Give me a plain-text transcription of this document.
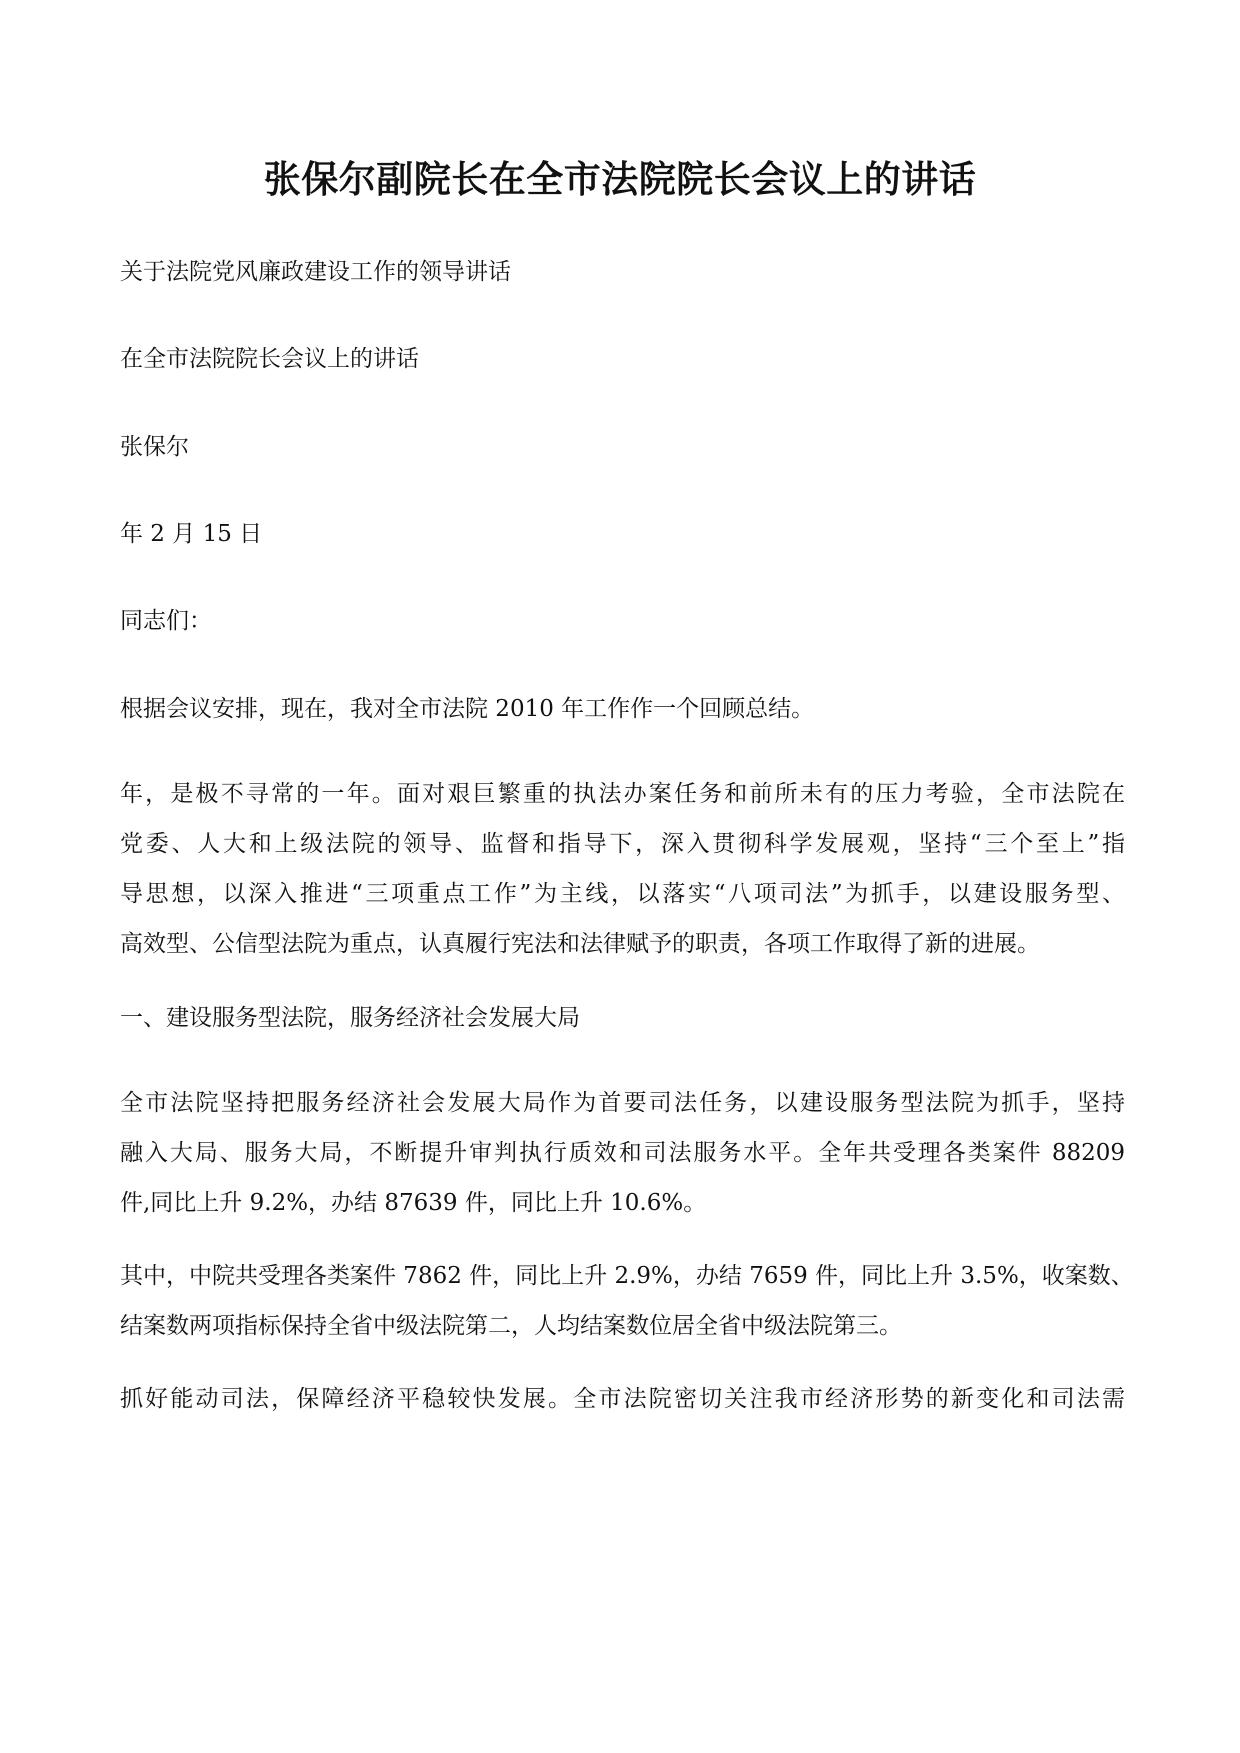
张保尔副院长在全市法院院长会议上的讲话
关于法院党风廉政建设工作的领导讲话
在全市法院院长会议上的讲话
张保尔
年 2 月 15 日
同志们：
根据会议安排，现在，我对全市法院 2010 年工作作一个回顾总结。
年，是极不寻常的一年。面对艰巨繁重的执法办案任务和前所未有的压力考验，全市法院在
党委、人大和上级法院的领导、监督和指导下，深入贯彻科学发展观，坚持“三个至上”指
导思想，以深入推进“三项重点工作”为主线，以落实“八项司法”为抓手，以建设服务型、
高效型、公信型法院为重点，认真履行宪法和法律赋予的职责，各项工作取得了新的进展。
一、建设服务型法院，服务经济社会发展大局
全市法院坚持把服务经济社会发展大局作为首要司法任务，以建设服务型法院为抓手，坚持
融入大局、服务大局，不断提升审判执行质效和司法服务水平。全年共受理各类案件 88209
件,同比上升 9.2%，办结 87639 件，同比上升 10.6%。
其中，中院共受理各类案件 7862 件，同比上升 2.9%，办结 7659 件，同比上升 3.5%，收案数、
结案数两项指标保持全省中级法院第二，人均结案数位居全省中级法院第三。
抓好能动司法，保障经济平稳较快发展。全市法院密切关注我市经济形势的新变化和司法需
